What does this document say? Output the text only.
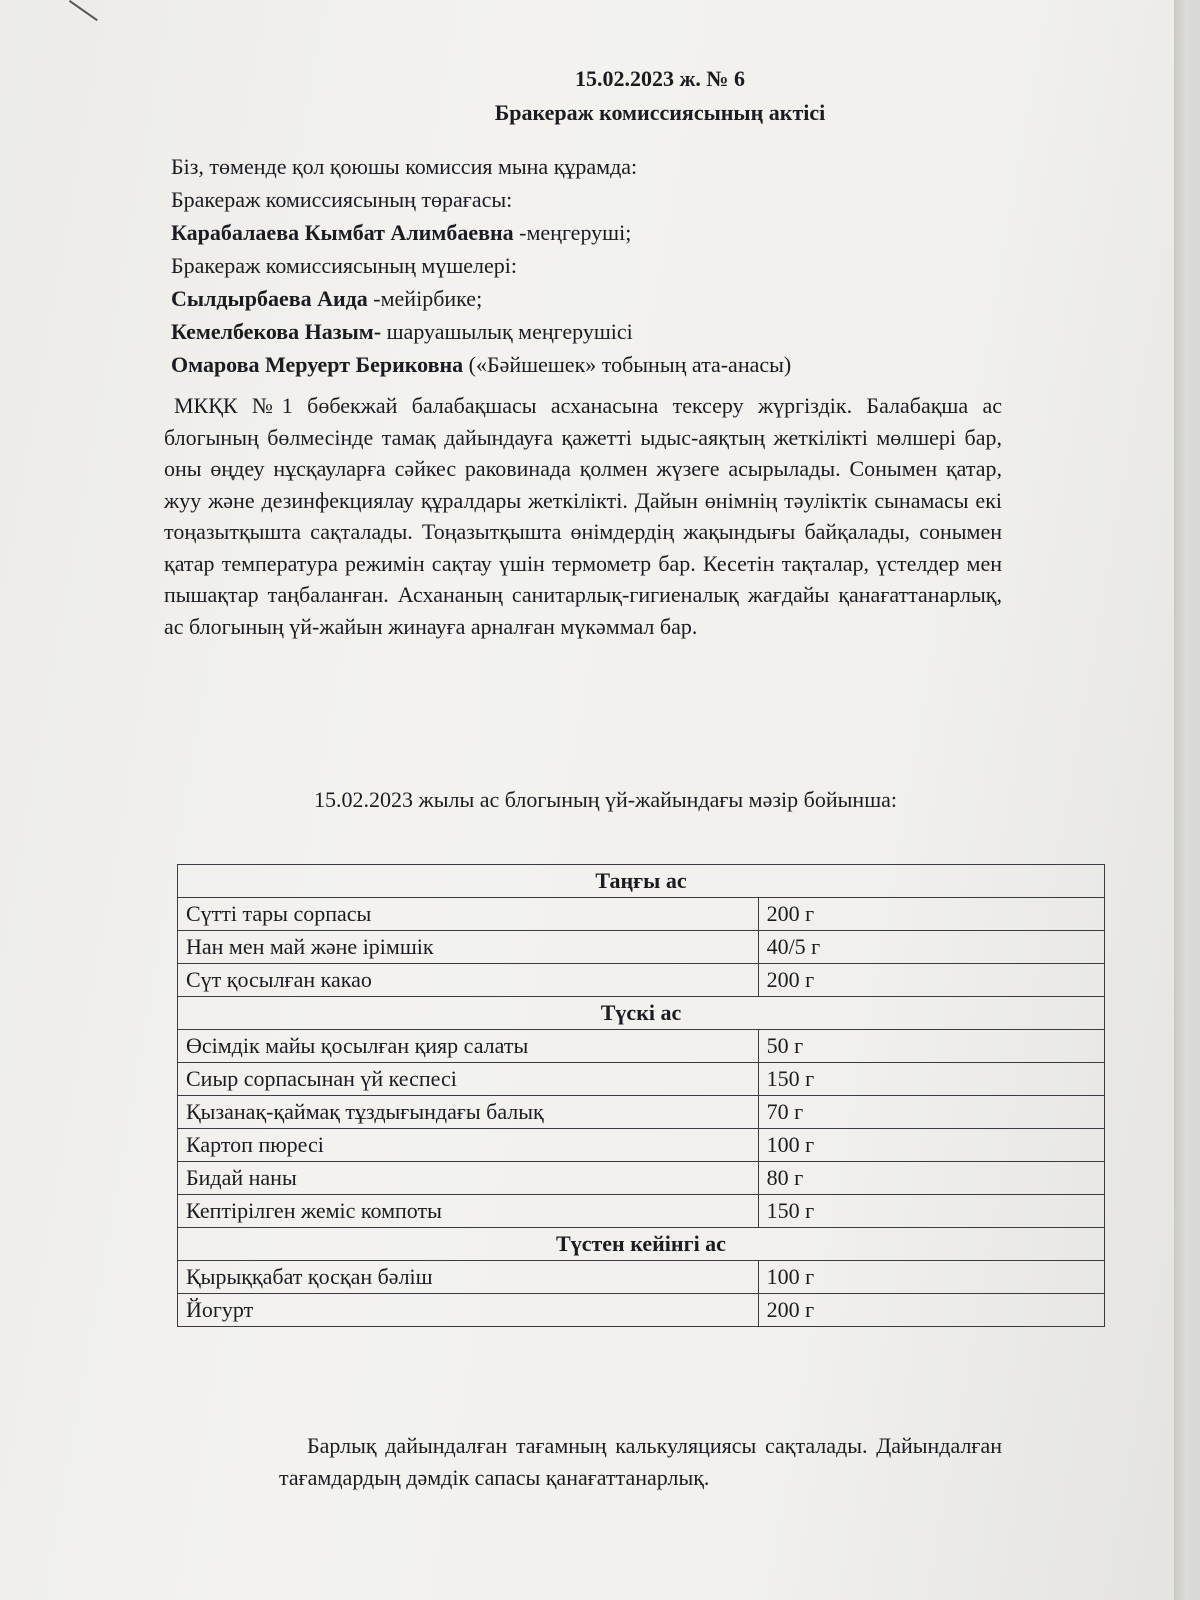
15.02.2023 ж. № 6
Бракераж комиссиясының актісі
Біз, төменде қол қоюшы комиссия мына құрамда:
Бракераж комиссиясының төрағасы:
Карабалаева Кымбат Алимбаевна -меңгеруші;
Бракераж комиссиясының мүшелері:
Сылдырбаева Аида -мейірбике;
Кемелбекова Назым- шаруашылық меңгерушісі
Омарова Меруерт Бериковна («Бәйшешек» тобының ата-анасы)

МКҚК №1 бөбекжай балабақшасы асханасына тексеру жүргіздік. Балабақша ас блогының бөлмесінде тамақ дайындауға қажетті ыдыс-аяқтың жеткілікті мөлшері бар, оны өңдеу нұсқауларға сәйкес раковинада қолмен жүзеге асырылады. Сонымен қатар, жуу және дезинфекциялау құралдары жеткілікті. Дайын өнімнің тәуліктік сынамасы екі тоңазытқышта сақталады. Тоңазытқышта өнімдердің жақындығы байқалады, сонымен қатар температура режимін сақтау үшін термометр бар. Кесетін тақталар, үстелдер мен пышақтар таңбаланған. Асхананың санитарлық-гигиеналық жағдайы қанағаттанарлық, ас блогының үй-жайын жинауға арналған мүкәммал бар.

15.02.2023 жылы ас блогының үй-жайындағы мәзір бойынша:

Таңғы ас	
Сүтті тары сорпасы	200 г
Нан мен май және ірімшік	40/5 г
Сүт қосылған какао	200 г
Түскі ас	
Өсімдік майы қосылған қияр салаты	50 г
Сиыр сорпасынан үй кеспесі	150 г
Қызанақ-қаймақ тұздығындағы балық	70 г
Картоп пюресі	100 г
Бидай наны	80 г
Кептірілген жеміс компоты	150 г
Түстен кейінгі ас	
Қырыққабат қосқан бәліш	100 г
Йогурт	200 г

Барлық дайындалған тағамның калькуляциясы сақталады. Дайындалған тағамдардың дәмдік сапасы қанағаттанарлық.
